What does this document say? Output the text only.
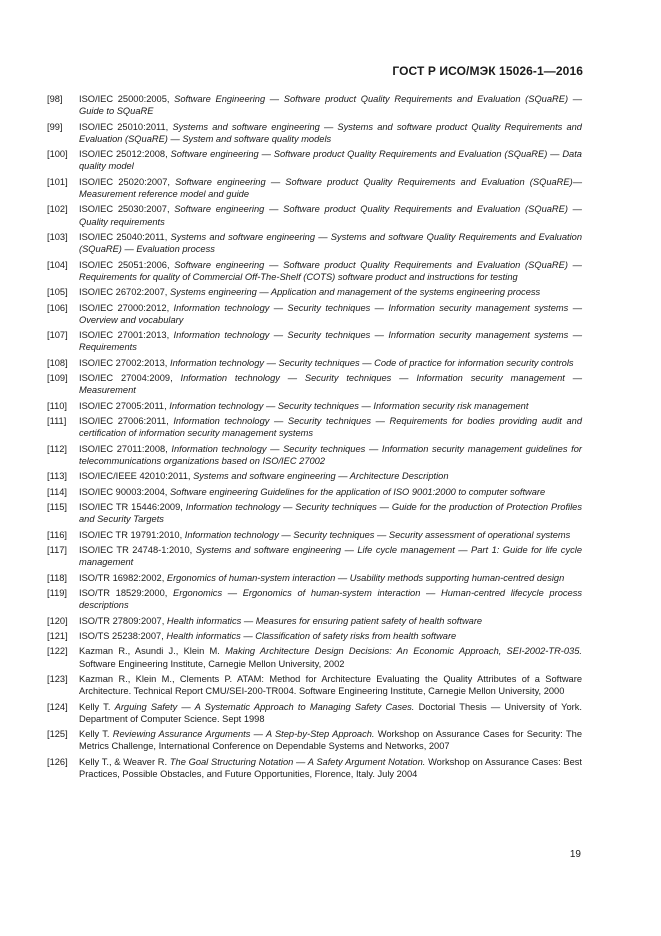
ГОСТ Р ИСО/МЭК 15026-1—2016
[98]	ISO/IEC 25000:2005, Software Engineering — Software product Quality Requirements and Evaluation (SQuaRE) — Guide to SQuaRE
[99]	ISO/IEC 25010:2011, Systems and software engineering — Systems and software product Quality Requirements and Evaluation (SQuaRE) — System and software quality models
[100]	ISO/IEC 25012:2008, Software engineering — Software product Quality Requirements and Evaluation (SQuaRE) — Data quality model
[101]	ISO/IEC 25020:2007, Software engineering — Software product Quality Requirements and Evaluation (SQuaRE)— Measurement reference model and guide
[102]	ISO/IEC 25030:2007, Software engineering — Software product Quality Requirements and Evaluation (SQuaRE) — Quality requirements
[103]	ISO/IEC 25040:2011, Systems and software engineering — Systems and software Quality Requirements and Evaluation (SQuaRE) — Evaluation process
[104]	ISO/IEC 25051:2006, Software engineering — Software product Quality Requirements and Evaluation (SQuaRE) — Requirements for quality of Commercial Off-The-Shelf (COTS) software product and instructions for testing
[105]	ISO/IEC 26702:2007, Systems engineering — Application and management of the systems engineering process
[106]	ISO/IEC 27000:2012, Information technology — Security techniques — Information security management systems — Overview and vocabulary
[107]	ISO/IEC 27001:2013, Information technology — Security techniques — Information security management systems — Requirements
[108]	ISO/IEC 27002:2013, Information technology — Security techniques — Code of practice for information security controls
[109]	ISO/IEC 27004:2009, Information technology — Security techniques — Information security management — Measurement
[110]	ISO/IEC 27005:2011, Information technology — Security techniques — Information security risk management
[111]	ISO/IEC 27006:2011, Information technology — Security techniques — Requirements for bodies providing audit and certification of information security management systems
[112]	ISO/IEC 27011:2008, Information technology — Security techniques — Information security management guidelines for telecommunications organizations based on ISO/IEC 27002
[113]	ISO/IEC/IEEE 42010:2011, Systems and software engineering — Architecture Description
[114]	ISO/IEC 90003:2004, Software engineering Guidelines for the application of ISO 9001:2000 to computer software
[115]	ISO/IEC TR 15446:2009, Information technology — Security techniques — Guide for the production of Protection Profiles and Security Targets
[116]	ISO/IEC TR 19791:2010, Information technology — Security techniques — Security assessment of operational systems
[117]	ISO/IEC TR 24748-1:2010, Systems and software engineering — Life cycle management — Part 1: Guide for life cycle management
[118]	ISO/TR 16982:2002, Ergonomics of human-system interaction — Usability methods supporting human-centred design
[119]	ISO/TR 18529:2000, Ergonomics — Ergonomics of human-system interaction — Human-centred lifecycle process descriptions
[120]	ISO/TR 27809:2007, Health informatics — Measures for ensuring patient safety of health software
[121]	ISO/TS 25238:2007, Health informatics — Classification of safety risks from health software
[122]	Kazman R., Asundi J., Klein M. Making Architecture Design Decisions: An Economic Approach, SEI-2002-TR-035. Software Engineering Institute, Carnegie Mellon University, 2002
[123]	Kazman R., Klein M., Clements P. ATAM: Method for Architecture Evaluating the Quality Attributes of a Software Architecture. Technical Report CMU/SEI-200-TR004. Software Engineering Institute, Carnegie Mellon University, 2000
[124]	Kelly T. Arguing Safety — A Systematic Approach to Managing Safety Cases. Doctorial Thesis — University of York. Department of Computer Science. Sept 1998
[125]	Kelly T. Reviewing Assurance Arguments — A Step-by-Step Approach. Workshop on Assurance Cases for Security: The Metrics Challenge, International Conference on Dependable Systems and Networks, 2007
[126]	Kelly T., & Weaver R. The Goal Structuring Notation — A Safety Argument Notation. Workshop on Assurance Cases: Best Practices, Possible Obstacles, and Future Opportunities, Florence, Italy. July 2004
19
